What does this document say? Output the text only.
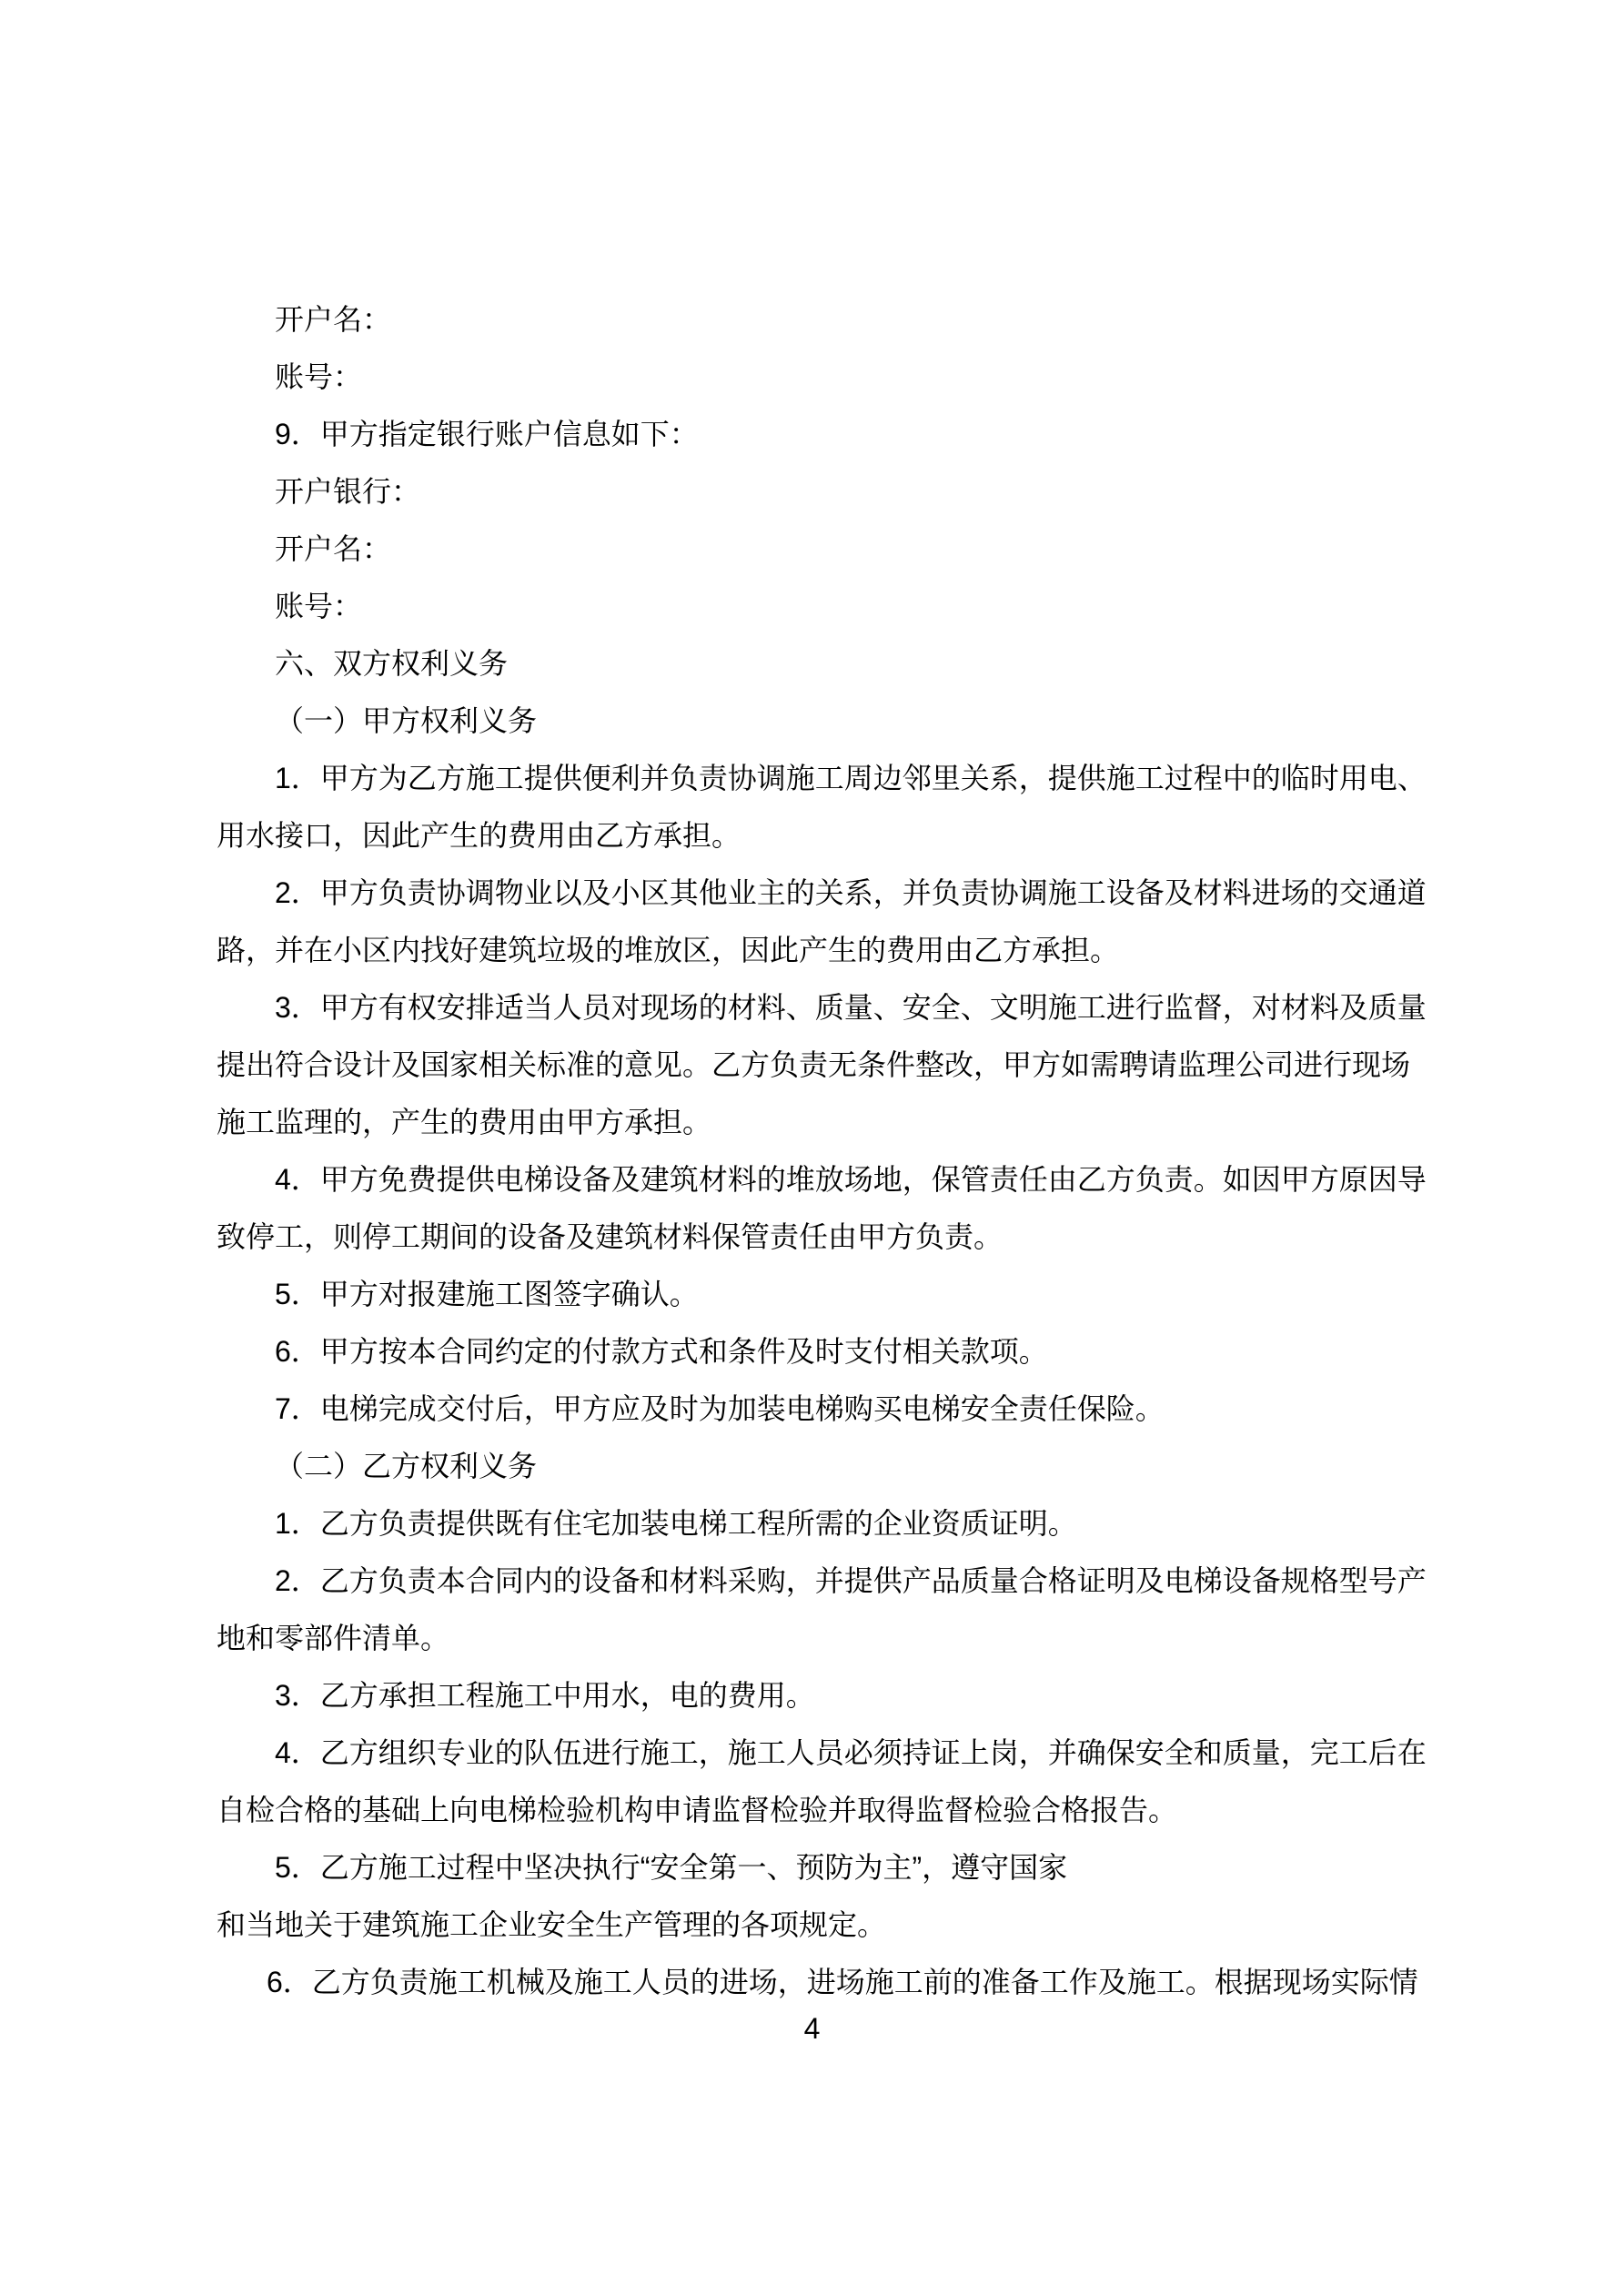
开户名：
账号：
9．甲方指定银行账户信息如下：
开户银行：
开户名：
账号：
六、双方权利义务
（一）甲方权利义务
1．甲方为乙方施工提供便利并负责协调施工周边邻里关系，提供施工过程中的临时用电、
用水接口，因此产生的费用由乙方承担。
2．甲方负责协调物业以及小区其他业主的关系，并负责协调施工设备及材料进场的交通道
路，并在小区内找好建筑垃圾的堆放区，因此产生的费用由乙方承担。
3．甲方有权安排适当人员对现场的材料、质量、安全、文明施工进行监督，对材料及质量
提出符合设计及国家相关标准的意见。乙方负责无条件整改，甲方如需聘请监理公司进行现场
施工监理的，产生的费用由甲方承担。
4．甲方免费提供电梯设备及建筑材料的堆放场地，保管责任由乙方负责。如因甲方原因导
致停工，则停工期间的设备及建筑材料保管责任由甲方负责。
5．甲方对报建施工图签字确认。
6．甲方按本合同约定的付款方式和条件及时支付相关款项。
7．电梯完成交付后，甲方应及时为加装电梯购买电梯安全责任保险。
（二）乙方权利义务
1．乙方负责提供既有住宅加装电梯工程所需的企业资质证明。
2．乙方负责本合同内的设备和材料采购，并提供产品质量合格证明及电梯设备规格型号产
地和零部件清单。
3．乙方承担工程施工中用水，电的费用。
4．乙方组织专业的队伍进行施工，施工人员必须持证上岗，并确保安全和质量，完工后在
自检合格的基础上向电梯检验机构申请监督检验并取得监督检验合格报告。
5．乙方施工过程中坚决执行“安全第一、预防为主”，遵守国家
和当地关于建筑施工企业安全生产管理的各项规定。
6．乙方负责施工机械及施工人员的进场，进场施工前的准备工作及施工。根据现场实际情
4
